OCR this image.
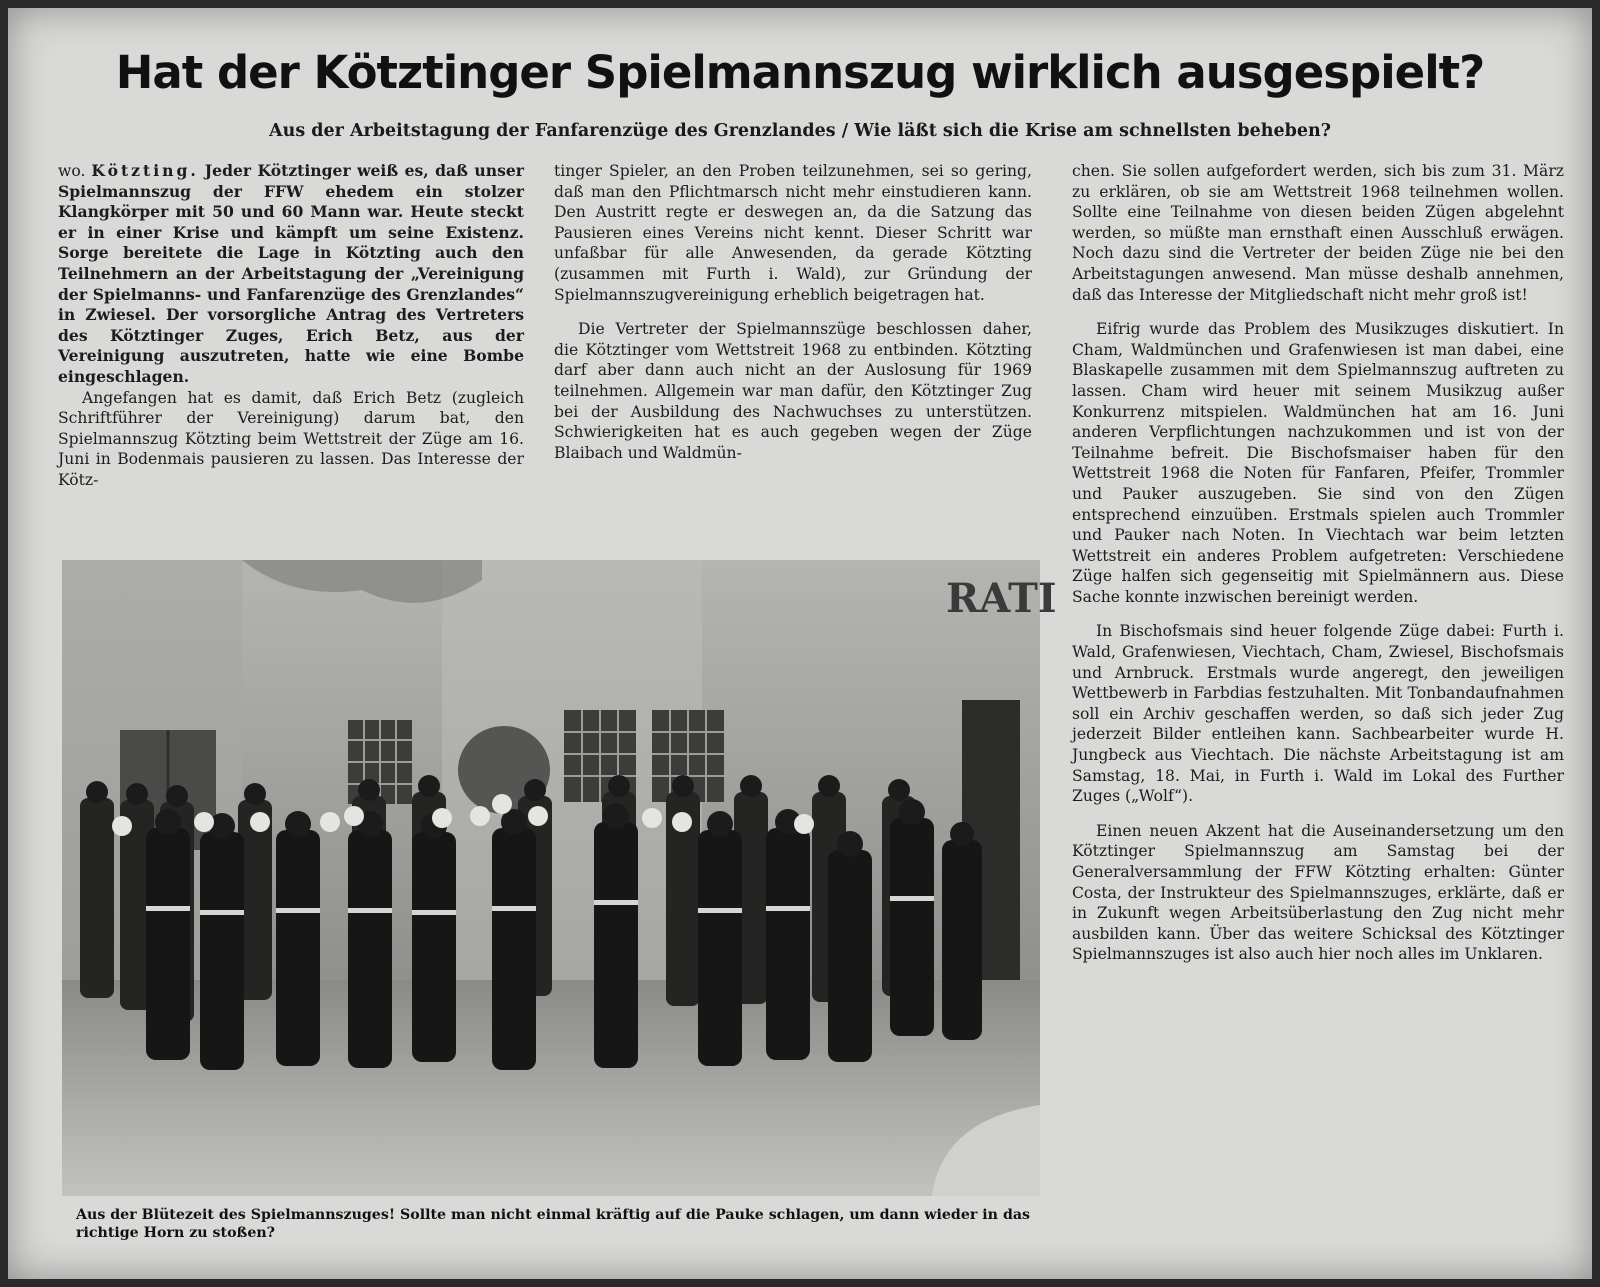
Hat der Kötztinger Spielmannszug wirklich ausgespielt?
Aus der Arbeitstagung der Fanfarenzüge des Grenzlandes / Wie läßt sich die Krise am schnellsten beheben?

wo. Kötzting. Jeder Kötztinger weiß es, daß unser Spielmannszug der FFW ehedem ein stolzer Klangkörper mit 50 und 60 Mann war. Heute steckt er in einer Krise und kämpft um seine Existenz. Sorge bereitete die Lage in Kötzting auch den Teilnehmern an der Arbeitstagung der „Vereinigung der Spielmanns- und Fanfarenzüge des Grenzlandes“ in Zwiesel. Der vorsorgliche Antrag des Vertreters des Kötztinger Zuges, Erich Betz, aus der Vereinigung auszutreten, hatte wie eine Bombe eingeschlagen.

Angefangen hat es damit, daß Erich Betz (zugleich Schriftführer der Vereinigung) darum bat, den Spielmannszug Kötzting beim Wettstreit der Züge am 16. Juni in Bodenmais pausieren zu lassen. Das Interesse der Kötz-

tinger Spieler, an den Proben teilzunehmen, sei so gering, daß man den Pflichtmarsch nicht mehr einstudieren kann. Den Austritt regte er deswegen an, da die Satzung das Pausieren eines Vereins nicht kennt. Dieser Schritt war unfaßbar für alle Anwesenden, da gerade Kötzting (zusammen mit Furth i. Wald), zur Gründung der Spielmannszugvereinigung erheblich beigetragen hat.

Die Vertreter der Spielmannszüge beschlossen daher, die Kötztinger vom Wettstreit 1968 zu entbinden. Kötzting darf aber dann auch nicht an der Auslosung für 1969 teilnehmen. Allgemein war man dafür, den Kötztinger Zug bei der Ausbildung des Nachwuchses zu unterstützen. Schwierigkeiten hat es auch gegeben wegen der Züge Blaibach und Waldmün-

chen. Sie sollen aufgefordert werden, sich bis zum 31. März zu erklären, ob sie am Wettstreit 1968 teilnehmen wollen. Sollte eine Teilnahme von diesen beiden Zügen abgelehnt werden, so müßte man ernsthaft einen Ausschluß erwägen. Noch dazu sind die Vertreter der beiden Züge nie bei den Arbeitstagungen anwesend. Man müsse deshalb annehmen, daß das Interesse der Mitgliedschaft nicht mehr groß ist!

Eifrig wurde das Problem des Musikzuges diskutiert. In Cham, Waldmünchen und Grafenwiesen ist man dabei, eine Blaskapelle zusammen mit dem Spielmannszug auftreten zu lassen. Cham wird heuer mit seinem Musikzug außer Konkurrenz mitspielen. Waldmünchen hat am 16. Juni anderen Verpflichtungen nachzukommen und ist von der Teilnahme befreit. Die Bischofsmaiser haben für den Wettstreit 1968 die Noten für Fanfaren, Pfeifer, Trommler und Pauker auszugeben. Sie sind von den Zügen entsprechend einzuüben. Erstmals spielen auch Trommler und Pauker nach Noten. In Viechtach war beim letzten Wettstreit ein anderes Problem aufgetreten: Verschiedene Züge halfen sich gegenseitig mit Spielmännern aus. Diese Sache konnte inzwischen bereinigt werden.

In Bischofsmais sind heuer folgende Züge dabei: Furth i. Wald, Grafenwiesen, Viechtach, Cham, Zwiesel, Bischofsmais und Arnbruck. Erstmals wurde angeregt, den jeweiligen Wettbewerb in Farbdias festzuhalten. Mit Tonbandaufnahmen soll ein Archiv geschaffen werden, so daß sich jeder Zug jederzeit Bilder entleihen kann. Sachbearbeiter wurde H. Jungbeck aus Viechtach. Die nächste Arbeitstagung ist am Samstag, 18. Mai, in Furth i. Wald im Lokal des Further Zuges („Wolf“).

Einen neuen Akzent hat die Auseinandersetzung um den Kötztinger Spielmannszug am Samstag bei der Generalversammlung der FFW Kötzting erhalten: Günter Costa, der Instrukteur des Spielmannszuges, erklärte, daß er in Zukunft wegen Arbeitsüberlastung den Zug nicht mehr ausbilden kann. Über das weitere Schicksal des Kötztinger Spielmannszuges ist also auch hier noch alles im Unklaren.

RATI

Aus der Blütezeit des Spielmannszuges! Sollte man nicht einmal kräftig auf die Pauke schlagen, um dann wieder in das richtige Horn zu stoßen?
